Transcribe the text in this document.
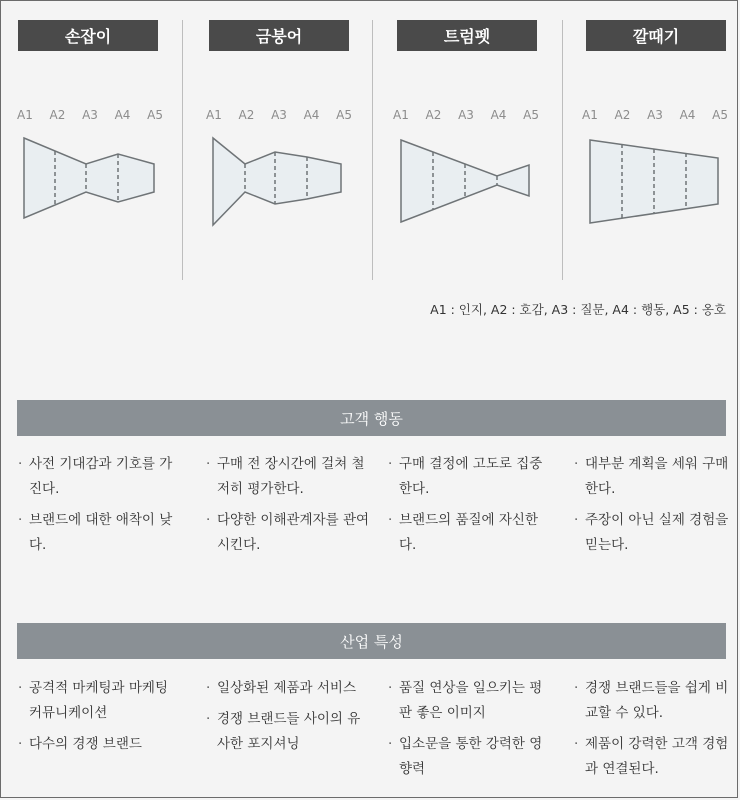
손잡이	금붕어	트럼펫	깔때기
A1 A2 A3 A4 A5	A1 A2 A3 A4 A5	A1 A2 A3 A4 A5	A1 A2 A3 A4 A5
A1 : 인지, A2 : 호감, A3 : 질문, A4 : 행동, A5 : 옹호
고객 행동
· 사전 기대감과 기호를 가진다.
· 브랜드에 대한 애착이 낮다.
· 구매 전 장시간에 걸쳐 철저히 평가한다.
· 다양한 이해관계자를 관여시킨다.
· 구매 결정에 고도로 집중한다.
· 브랜드의 품질에 자신한다.
· 대부분 계획을 세워 구매한다.
· 주장이 아닌 실제 경험을 믿는다.
산업 특성
· 공격적 마케팅과 마케팅 커뮤니케이션
· 다수의 경쟁 브랜드
· 일상화된 제품과 서비스
· 경쟁 브랜드들 사이의 유사한 포지셔닝
· 품질 연상을 일으키는 평판 좋은 이미지
· 입소문을 통한 강력한 영향력
· 경쟁 브랜드들을 쉽게 비교할 수 있다.
· 제품이 강력한 고객 경험과 연결된다.
